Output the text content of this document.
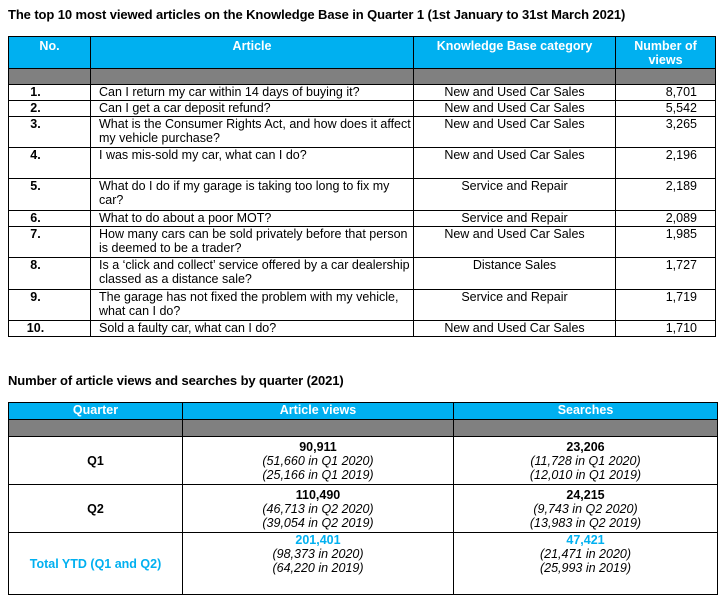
The top 10 most viewed articles on the Knowledge Base in Quarter 1 (1st January to 31st March 2021)
No.	Article	Knowledge Base category	Number of
views

1.	Can I return my car within 14 days of buying it?	New and Used Car Sales	8,701
2.	Can I get a car deposit refund?	New and Used Car Sales	5,542
3.	What is the Consumer Rights Act, and how does it affect my vehicle purchase?	New and Used Car Sales	3,265
4.	I was mis-sold my car, what can I do?	New and Used Car Sales	2,196
5.	What do I do if my garage is taking too long to fix my car?	Service and Repair	2,189
6.	What to do about a poor MOT?	Service and Repair	2,089
7.	How many cars can be sold privately before that person is deemed to be a trader?	New and Used Car Sales	1,985
8.	Is a ‘click and collect’ service offered by a car dealership classed as a distance sale?	Distance Sales	1,727
9.	The garage has not fixed the problem with my vehicle, what can I do?	Service and Repair	1,719
10.	Sold a faulty car, what can I do?	New and Used Car Sales	1,710
Number of article views and searches by quarter (2021)
Quarter	Article views	Searches

Q1	90,911
(51,660 in Q1 2020)
(25,166 in Q1 2019)	23,206
(11,728 in Q1 2020)
(12,010 in Q1 2019)

Q2	110,490
(46,713 in Q2 2020)
(39,054 in Q2 2019)	24,215
(9,743 in Q2 2020)
(13,983 in Q2 2019)

Total YTD (Q1 and Q2)	201,401
(98,373 in 2020)
(64,220 in 2019)	47,421
(21,471 in 2020)
(25,993 in 2019)
